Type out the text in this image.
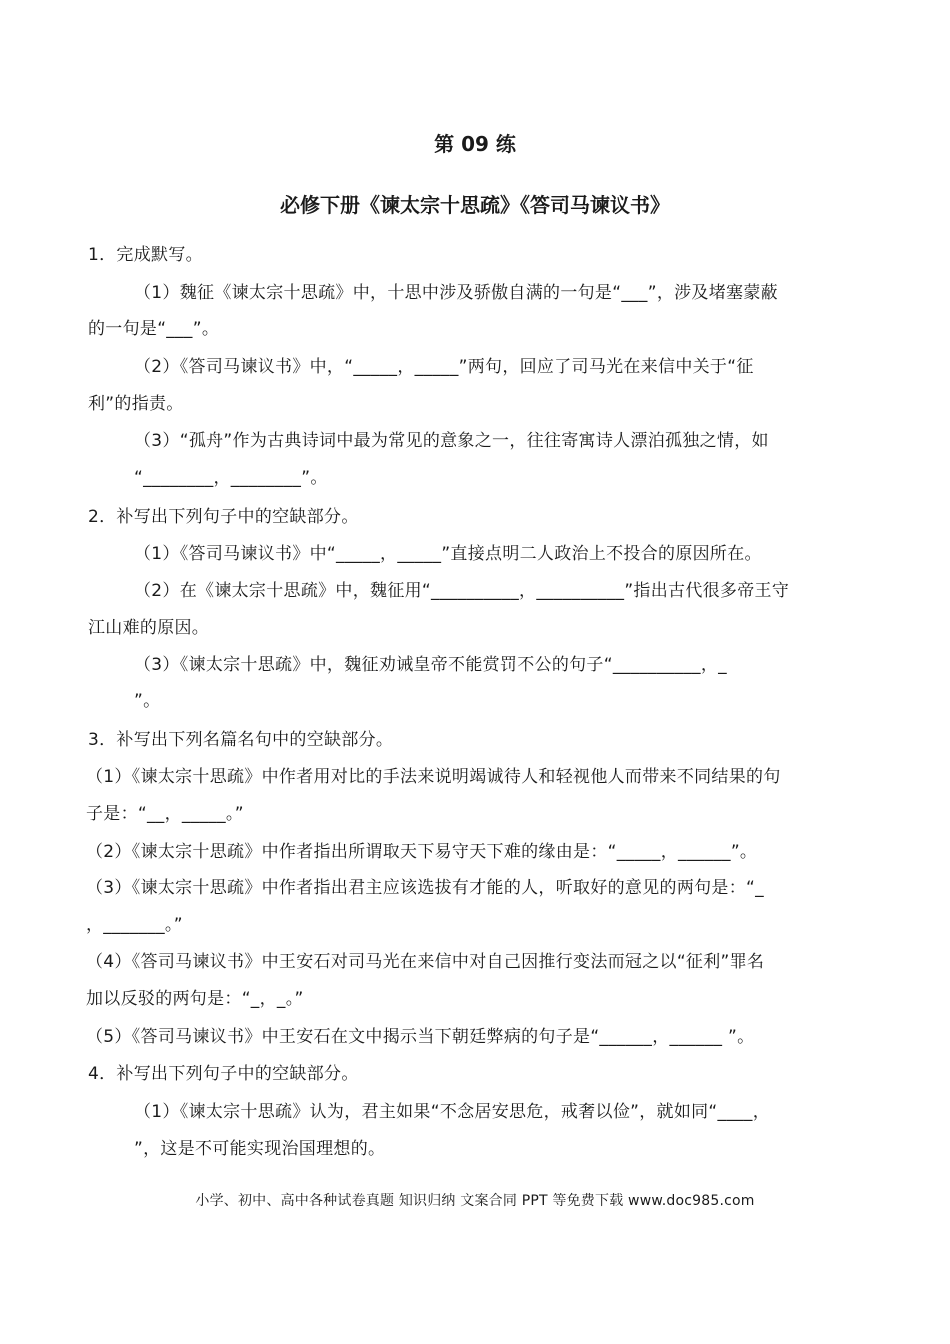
第 09 练
必修下册《谏太宗十思疏》《答司马谏议书》
1．完成默写。
（1）魏征《谏太宗十思疏》中，十思中涉及骄傲自满的一句是“___”，涉及堵塞蒙蔽
的一句是“___”。
（2）《答司马谏议书》中，“_____，_____”两句，回应了司马光在来信中关于“征
利”的指责。
（3）“孤舟”作为古典诗词中最为常见的意象之一，往往寄寓诗人漂泊孤独之情，如
“________，________”。
2．补写出下列句子中的空缺部分。
（1）《答司马谏议书》中“_____，_____”直接点明二人政治上不投合的原因所在。
（2）在《谏太宗十思疏》中，魏征用“__________，__________”指出古代很多帝王守
江山难的原因。
（3）《谏太宗十思疏》中，魏征劝诫皇帝不能赏罚不公的句子“__________，_
”。
3．补写出下列名篇名句中的空缺部分。
（1）《谏太宗十思疏》中作者用对比的手法来说明竭诚待人和轻视他人而带来不同结果的句
子是：“__，_____。”
（2）《谏太宗十思疏》中作者指出所谓取天下易守天下难的缘由是：“_____，______”。
（3）《谏太宗十思疏》中作者指出君主应该选拔有才能的人，听取好的意见的两句是：“_
，_______。”
（4）《答司马谏议书》中王安石对司马光在来信中对自己因推行变法而冠之以“征利”罪名
加以反驳的两句是：“_，_。”
（5）《答司马谏议书》中王安石在文中揭示当下朝廷弊病的句子是“______，______ ”。
4．补写出下列句子中的空缺部分。
（1）《谏太宗十思疏》认为，君主如果“不念居安思危，戒奢以俭”，就如同“____，
”，这是不可能实现治国理想的。
小学、初中、高中各种试卷真题 知识归纳 文案合同 PPT 等免费下载 www.doc985.com
